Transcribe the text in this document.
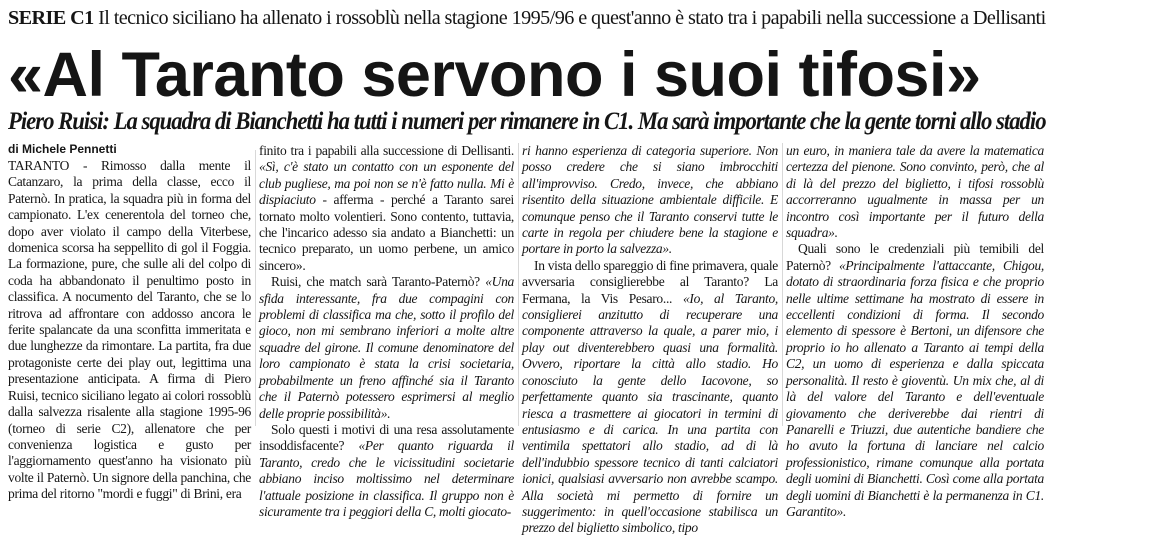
SERIE C1 Il tecnico siciliano ha allenato i rossoblù nella stagione 1995/96 e quest'anno è stato tra i papabili nella successione a Dellisanti
«Al Taranto servono i suoi tifosi»
Piero Ruisi: La squadra di Bianchetti ha tutti i numeri per rimanere in C1. Ma sarà importante che la gente torni allo stadio
di Michele Pennetti

TARANTO - Rimosso dalla mente il Catanzaro, la prima della classe, ecco il Paternò. In pratica, la squadra più in forma del campionato. L'ex cenerentola del torneo che, dopo aver violato il campo della Viterbese, domenica scorsa ha seppellito di gol il Foggia. La formazione, pure, che sulle ali del colpo di coda ha abbandonato il penultimo posto in classifica. A nocumento del Taranto, che se lo ritrova ad affrontare con addosso ancora le ferite spalancate da una sconfitta immeritata e due lunghezze da rimontare. La partita, fra due protagoniste certe dei play out, legittima una presentazione anticipata. A firma di Piero Ruisi, tecnico siciliano legato ai colori rossoblù dalla salvezza risalente alla stagione 1995-96 (torneo di serie C2), allenatore che per convenienza logistica e gusto per l'aggiornamento quest'anno ha visionato più volte il Paternò. Un signore della panchina, che prima del ritorno "mordi e fuggi" di Brini, era

finito tra i papabili alla successione di Dellisanti. «Sì, c'è stato un contatto con un esponente del club pugliese, ma poi non se n'è fatto nulla. Mi è dispiaciuto - afferma - perché a Taranto sarei tornato molto volentieri. Sono contento, tuttavia, che l'incarico adesso sia andato a Bianchetti: un tecnico preparato, un uomo perbene, un amico sincero».

Ruisi, che match sarà Taranto-Paternò? «Una sfida interessante, fra due compagini con problemi di classifica ma che, sotto il profilo del gioco, non mi sembrano inferiori a molte altre squadre del girone. Il comune denominatore del loro campionato è stata la crisi societaria, probabilmente un freno affinché sia il Taranto che il Paternò potessero esprimersi al meglio delle proprie possibilità».

Solo questi i motivi di una resa assolutamente insoddisfacente? «Per quanto riguarda il Taranto, credo che le vicissitudini societarie abbiano inciso moltissimo nel determinare l'attuale posizione in classifica. Il gruppo non è sicuramente tra i peggiori della C, molti giocato-

ri hanno esperienza di categoria superiore. Non posso credere che si siano imbrocchiti all'improvviso. Credo, invece, che abbiano risentito della situazione ambientale difficile. E comunque penso che il Taranto conservi tutte le carte in regola per chiudere bene la stagione e portare in porto la salvezza».

In vista dello spareggio di fine primavera, quale avversaria consiglierebbe al Taranto? La Fermana, la Vis Pesaro... «Io, al Taranto, consiglierei anzitutto di recuperare una componente attraverso la quale, a parer mio, i play out diventerebbero quasi una formalità. Ovvero, riportare la città allo stadio. Ho conosciuto la gente dello Iacovone, so perfettamente quanto sia trascinante, quanto riesca a trasmettere ai giocatori in termini di entusiasmo e di carica. In una partita con ventimila spettatori allo stadio, ad di là dell'indubbio spessore tecnico di tanti calciatori ionici, qualsiasi avversario non avrebbe scampo. Alla società mi permetto di fornire un suggerimento: in quell'occasione stabilisca un prezzo del biglietto simbolico, tipo

un euro, in maniera tale da avere la matematica certezza del pienone. Sono convinto, però, che al di là del prezzo del biglietto, i tifosi rossoblù accorreranno ugualmente in massa per un incontro così importante per il futuro della squadra».

Quali sono le credenziali più temibili del Paternò? «Principalmente l'attaccante, Chigou, dotato di straordinaria forza fisica e che proprio nelle ultime settimane ha mostrato di essere in eccellenti condizioni di forma. Il secondo elemento di spessore è Bertoni, un difensore che proprio io ho allenato a Taranto ai tempi della C2, un uomo di esperienza e dalla spiccata personalità. Il resto è gioventù. Un mix che, al di là del valore del Taranto e dell'eventuale giovamento che deriverebbe dai rientri di Panarelli e Triuzzi, due autentiche bandiere che ho avuto la fortuna di lanciare nel calcio professionistico, rimane comunque alla portata degli uomini di Bianchetti. Così come alla portata degli uomini di Bianchetti è la permanenza in C1. Garantito».
